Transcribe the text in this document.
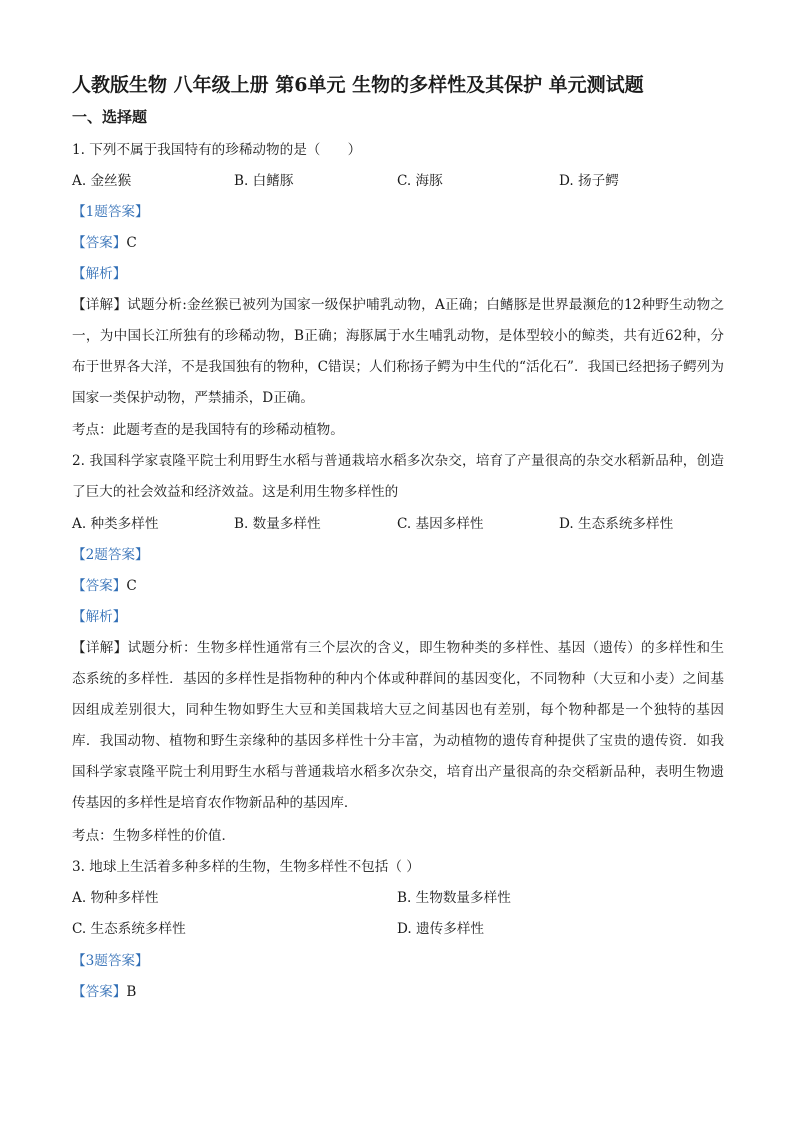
人教版生物 八年级上册 第6单元 生物的多样性及其保护 单元测试题
一、选择题
1. 下列不属于我国特有的珍稀动物的是（　　）
A. 金丝猴	B. 白鳍豚	C. 海豚	D. 扬子鳄
【1题答案】
【答案】C
【解析】
【详解】试题分析:金丝猴已被列为国家一级保护哺乳动物，A正确；白鳍豚是世界最濒危的12种野生动物之一，为中国长江所独有的珍稀动物，B正确；海豚属于水生哺乳动物，是体型较小的鲸类，共有近62种，分布于世界各大洋，不是我国独有的物种，C错误；人们称扬子鳄为中生代的“活化石”．我国已经把扬子鳄列为国家一类保护动物，严禁捕杀，D正确。
考点：此题考查的是我国特有的珍稀动植物。
2. 我国科学家袁隆平院士利用野生水稻与普通栽培水稻多次杂交，培育了产量很高的杂交水稻新品种，创造了巨大的社会效益和经济效益。这是利用生物多样性的
A. 种类多样性	B. 数量多样性	C. 基因多样性	D. 生态系统多样性
【2题答案】
【答案】C
【解析】
【详解】试题分析：生物多样性通常有三个层次的含义，即生物种类的多样性、基因（遗传）的多样性和生态系统的多样性．基因的多样性是指物种的种内个体或种群间的基因变化，不同物种（大豆和小麦）之间基因组成差别很大，同种生物如野生大豆和美国栽培大豆之间基因也有差别，每个物种都是一个独特的基因库．我国动物、植物和野生亲缘种的基因多样性十分丰富，为动植物的遗传育种提供了宝贵的遗传资．如我国科学家袁隆平院士利用野生水稻与普通栽培水稻多次杂交，培育出产量很高的杂交稻新品种，表明生物遗传基因的多样性是培育农作物新品种的基因库．
考点：生物多样性的价值．
3. 地球上生活着多种多样的生物，生物多样性不包括（ ）
A. 物种多样性	B. 生物数量多样性
C. 生态系统多样性	D. 遗传多样性
【3题答案】
【答案】B
